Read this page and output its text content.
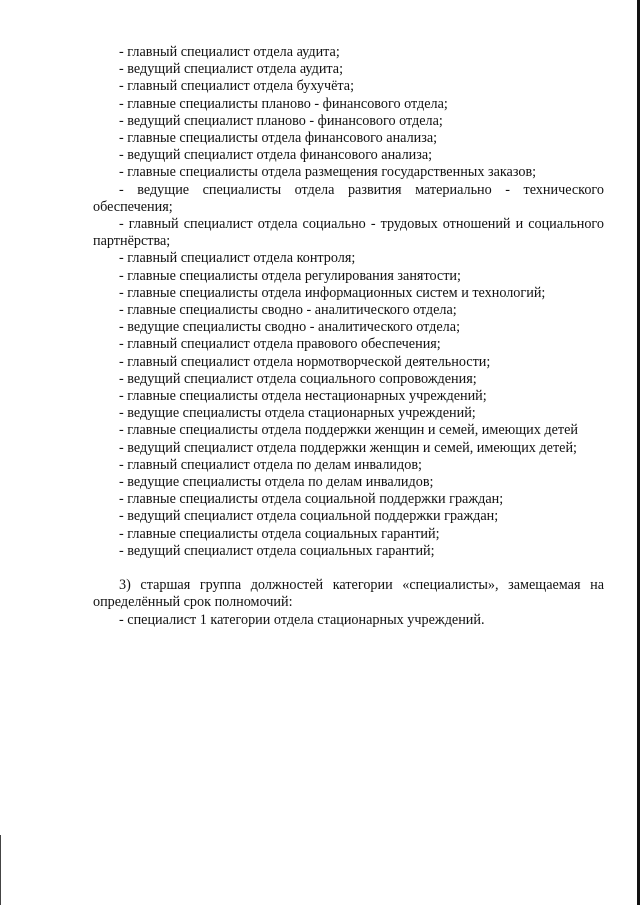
- главный специалист отдела аудита;

- ведущий специалист отдела аудита;

- главный специалист отдела бухучёта;

- главные специалисты планово - финансового отдела;

- ведущий специалист планово - финансового отдела;

- главные специалисты отдела финансового анализа;

- ведущий специалист отдела финансового анализа;

- главные специалисты отдела размещения государственных заказов;

- ведущие специалисты отдела развития материально - технического обеспечения;

- главный специалист отдела социально - трудовых отношений и социального партнёрства;

- главный специалист отдела контроля;

- главные специалисты отдела регулирования занятости;

- главные специалисты отдела информационных систем и технологий;

- главные специалисты сводно - аналитического отдела;

- ведущие специалисты сводно - аналитического отдела;

- главный специалист отдела правового обеспечения;

- главный специалист отдела нормотворческой деятельности;

- ведущий специалист отдела социального сопровождения;

- главные специалисты отдела нестационарных учреждений;

- ведущие специалисты отдела стационарных учреждений;

- главные специалисты отдела поддержки женщин и семей, имеющих детей

- ведущий специалист отдела поддержки женщин и семей, имеющих детей;

- главный специалист отдела по делам инвалидов;

- ведущие специалисты отдела по делам инвалидов;

- главные специалисты отдела социальной поддержки граждан;

- ведущий специалист отдела социальной поддержки граждан;

- главные специалисты отдела социальных гарантий;

- ведущий специалист отдела социальных гарантий;

3) старшая группа должностей категории «специалисты», замещаемая на определённый срок полномочий:

- специалист 1 категории отдела стационарных учреждений.
